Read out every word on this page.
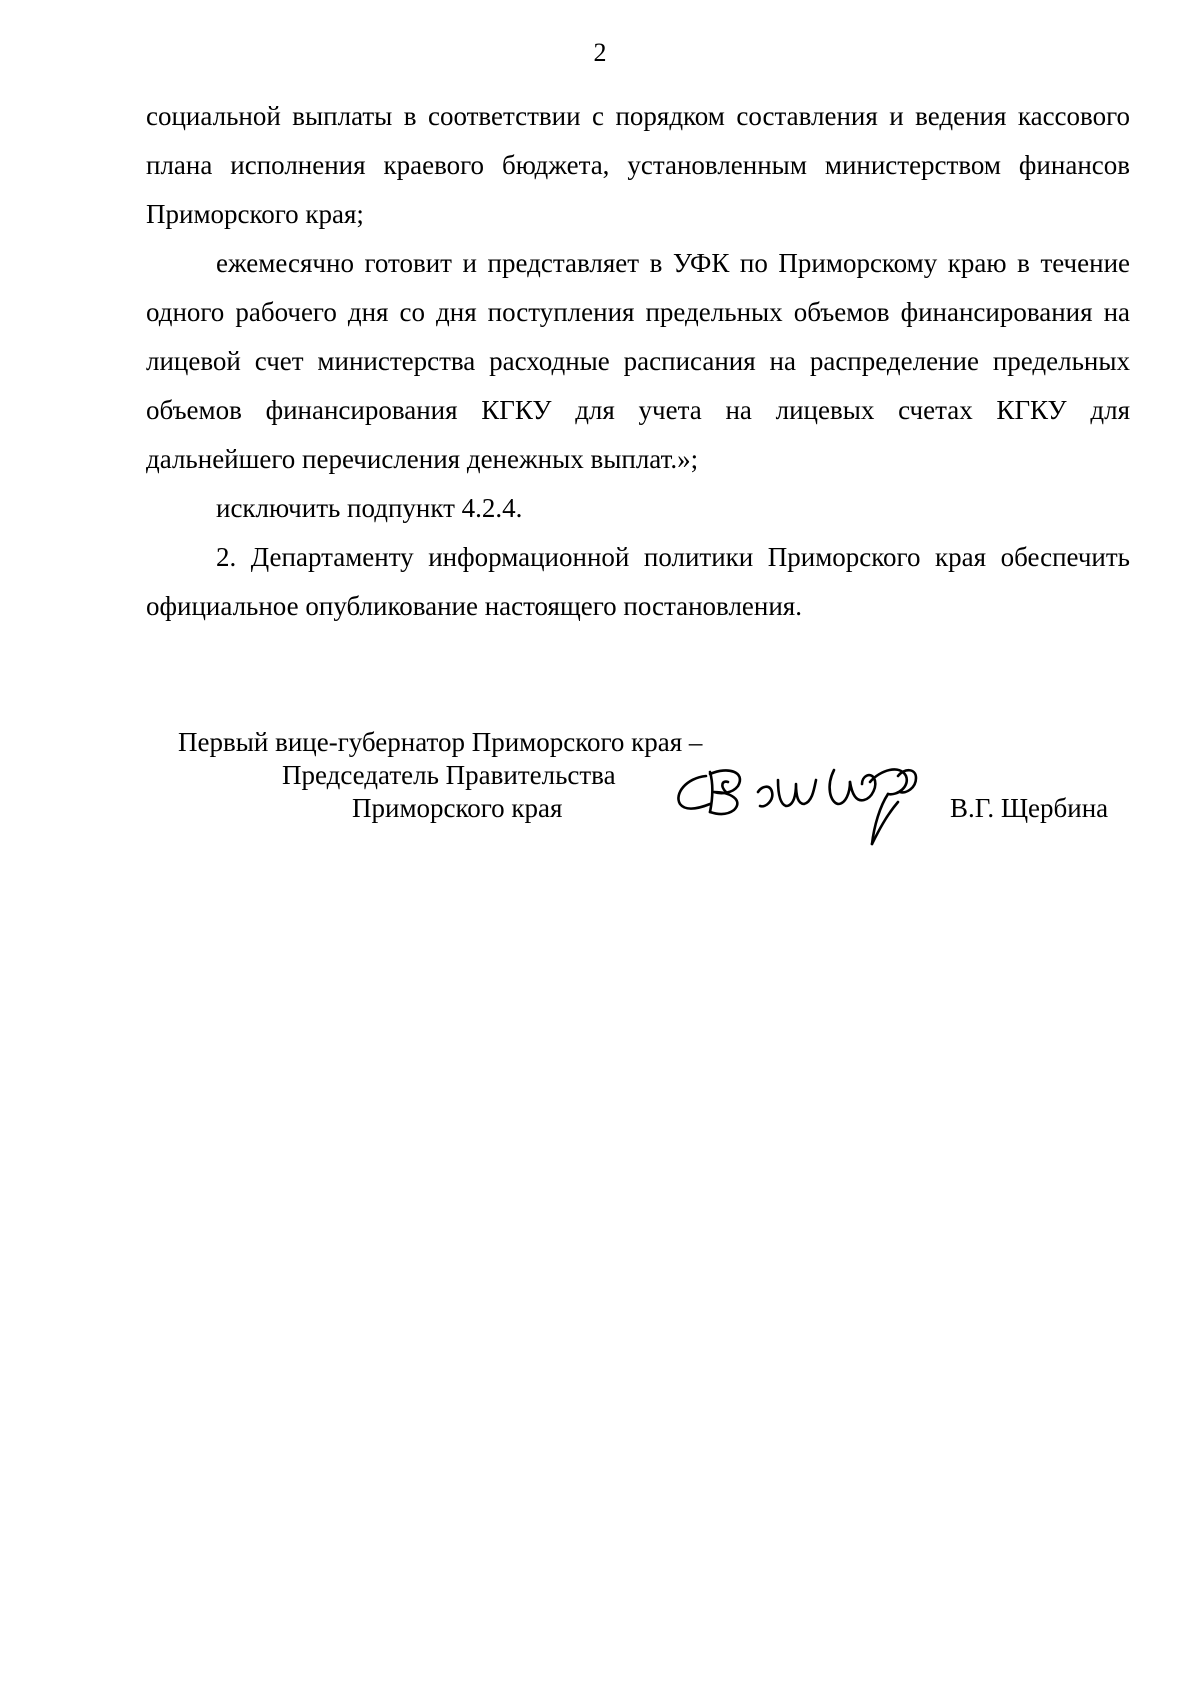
2

социальной выплаты в соответствии с порядком составления и ведения кассового плана исполнения краевого бюджета, установленным министерством финансов Приморского края;

ежемесячно готовит и представляет в УФК по Приморскому краю в течение одного рабочего дня со дня поступления предельных объемов финансирования на лицевой счет министерства расходные расписания на распределение предельных объемов финансирования КГКУ для учета на лицевых счетах КГКУ для дальнейшего перечисления денежных выплат.»;

исключить подпункт 4.2.4.

2. Департаменту информационной политики Приморского края обеспечить официальное опубликование настоящего постановления.

Первый вице-губернатор Приморского края –
Председатель Правительства
Приморского края	В.Г. Щербина
